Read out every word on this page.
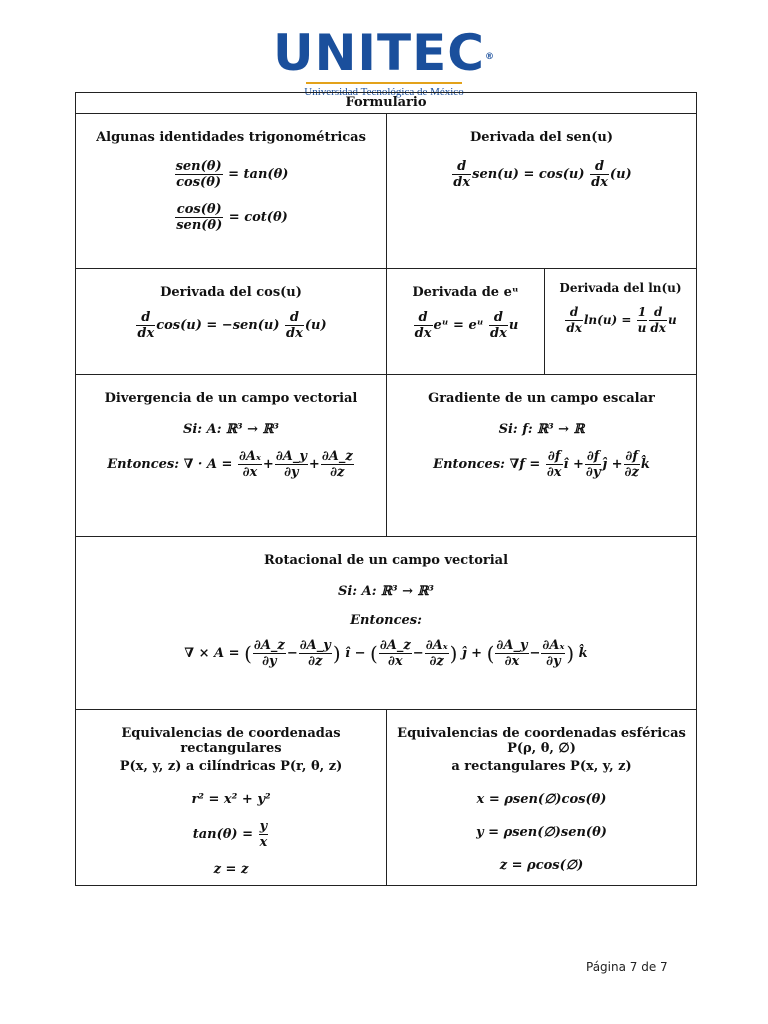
UNITEC®
Universidad Tecnológica de México
Formulario
Algunas identidades trigonométricas
$\frac{\text{sen(θ)}}{\cos(\theta)} = \tan(\theta)$
$\frac{\cos(\theta)}{\text{sen(θ)}} = \cot(\theta)$
Derivada del sen(u)
$\frac{d}{dx} sen(u) = \cos(u) \frac{d}{dx} (u)$
Derivada del cos(u)
$\frac{d}{dx} \cos(u) = -sen(u) \frac{d}{dx} (u)$
Derivada de eᵘ
$\frac{d}{dx}$ eᵘ = eᵘ $\frac{d}{dx}$ u
Derivada del ln(u)
$\frac{d}{dx} \ln(u) = \frac{1}{u} \frac{d}{dx}$ u
Divergencia de un campo vectorial
Si: A: ℝ³ → ℝ³
Entonces: ∇ · $A = \frac{\text{∂Aₓ}}{\partial x} + \frac{\partial A\_y}{\partial y} + \frac{\partial A\_z}{\partial z}$
Gradiente de un campo escalar
Si: f: ℝ³ → ℝ
Entonces: $\nabla f = \frac{\partial f}{\partial x}$ î + $\frac{\partial f}{\partial y}$ ĵ + $\frac{\partial f}{\partial z}$ k̂
Rotacional de un campo vectorial
Si: A: ℝ³ → ℝ³
Entonces:
∇ × A = ( $\frac{\partial A\_z}{\partial y} - \frac{\partial A\_y}{\partial z}$ ) î − ( $\frac{\partial A\_z}{\partial x} - \frac{\text{∂Aₓ}}{\partial z}$ ) ĵ + ( $\frac{\partial A\_y}{\partial x} - \frac{\text{∂Aₓ}}{\partial y}$ ) k̂
Equivalencias de coordenadas rectangulares
P(x, y, z) a cilíndricas P(r, θ, z)
r² = x² + y²
$\tan(\theta) = \frac{y}{x}$
z = z
Equivalencias de coordenadas esféricas P(ρ, θ, ∅)
a rectangulares P(x, y, z)
x = ρsen(∅)cos(θ)
y = ρsen(∅)sen(θ)
z = ρcos(∅)
Página 7 de 7
